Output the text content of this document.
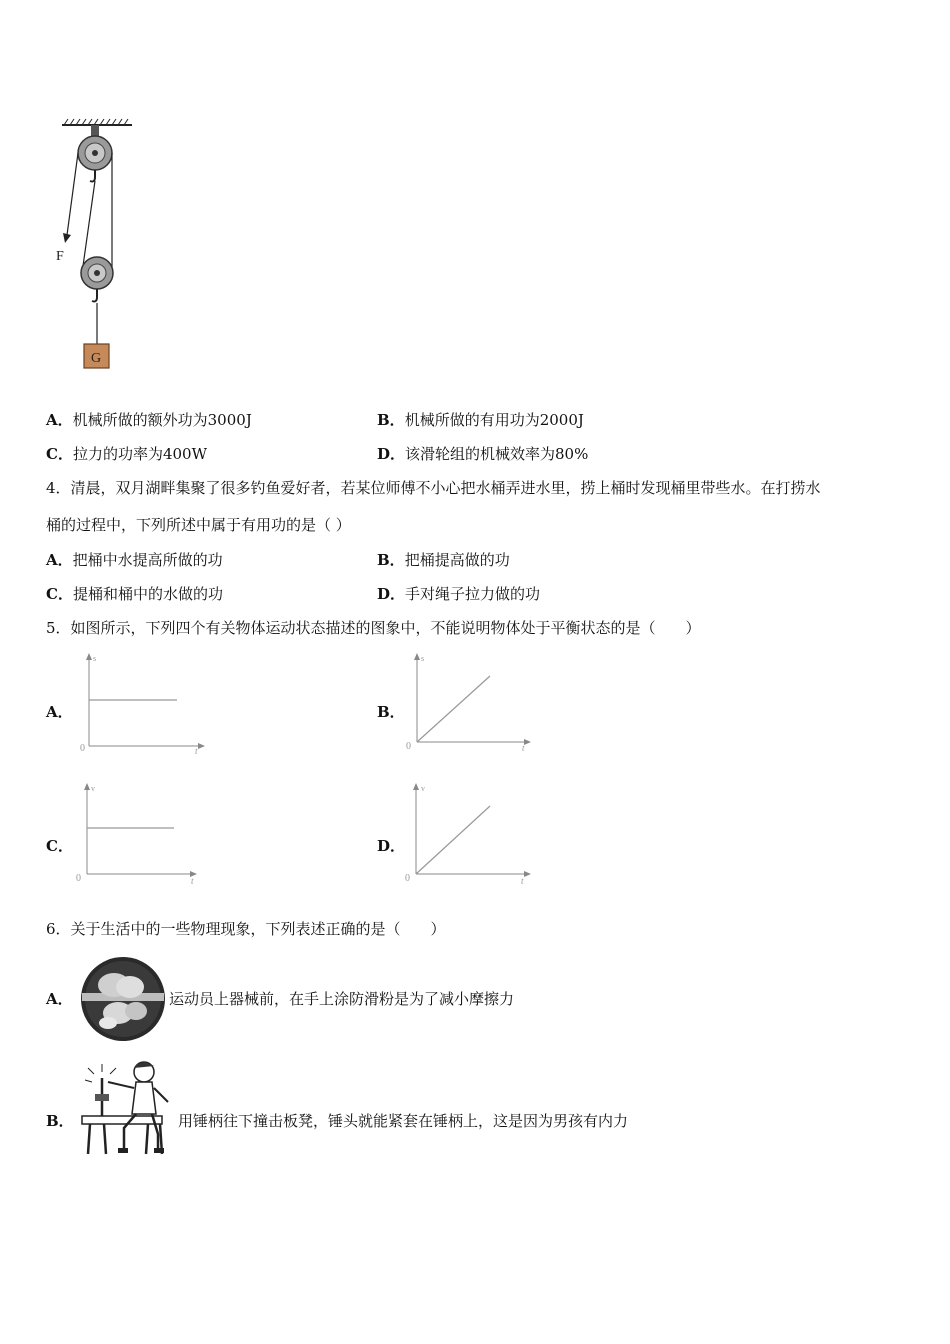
F
G
A．机械所做的额外功为3000J	B．机械所做的有用功为2000J
C．拉力的功率为400W	D．该滑轮组的机械效率为80%
4．清晨，双月湖畔集聚了很多钓鱼爱好者，若某位师傅不小心把水桶弄进水里，捞上桶时发现桶里带些水。在打捞水
桶的过程中，下列所述中属于有用功的是（ ）
A．把桶中水提高所做的功	B．把桶提高做的功
C．提桶和桶中的水做的功	D．手对绳子拉力做的功
5．如图所示，下列四个有关物体运动状态描述的图象中，不能说明物体处于平衡状态的是（　　）
A．
s
t
0
B．
s
t
0
C．
v
t
0
D．
v
t
0
6．关于生活中的一些物理现象，下列表述正确的是（　　）
A．	运动员上器械前，在手上涂防滑粉是为了减小摩擦力
B．	用锤柄往下撞击板凳，锤头就能紧套在锤柄上，这是因为男孩有内力
